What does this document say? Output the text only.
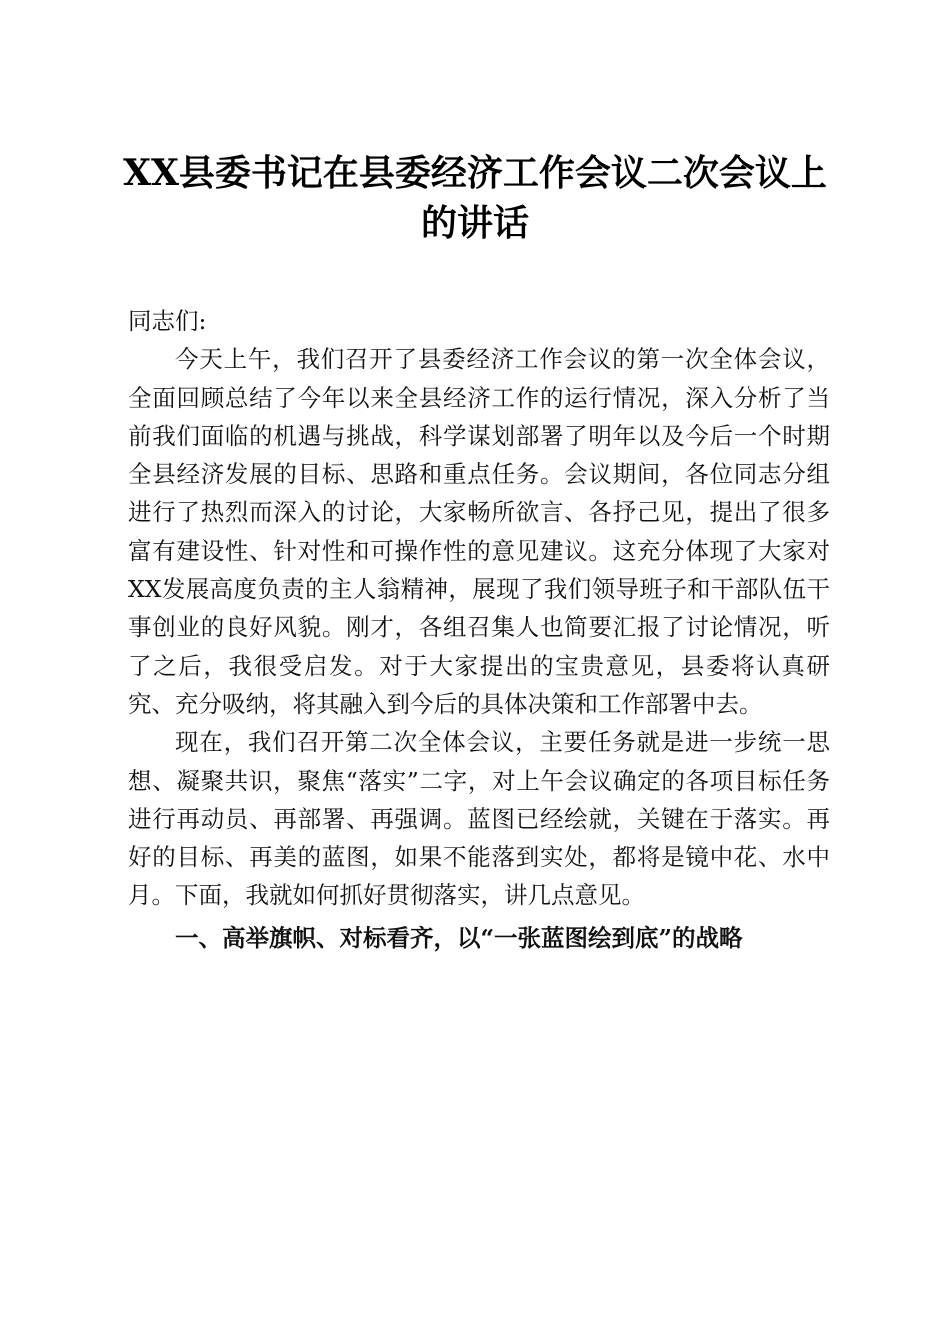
XX县委书记在县委经济工作会议二次会议上的讲话

同志们:

今天上午，我们召开了县委经济工作会议的第一次全体会议，全面回顾总结了今年以来全县经济工作的运行情况，深入分析了当前我们面临的机遇与挑战，科学谋划部署了明年以及今后一个时期全县经济发展的目标、思路和重点任务。会议期间，各位同志分组进行了热烈而深入的讨论，大家畅所欲言、各抒己见，提出了很多富有建设性、针对性和可操作性的意见建议。这充分体现了大家对XX发展高度负责的主人翁精神，展现了我们领导班子和干部队伍干事创业的良好风貌。刚才，各组召集人也简要汇报了讨论情况，听了之后，我很受启发。对于大家提出的宝贵意见，县委将认真研究、充分吸纳，将其融入到今后的具体决策和工作部署中去。

现在，我们召开第二次全体会议，主要任务就是进一步统一思想、凝聚共识，聚焦“落实”二字，对上午会议确定的各项目标任务进行再动员、再部署、再强调。蓝图已经绘就，关键在于落实。再好的目标、再美的蓝图，如果不能落到实处，都将是镜中花、水中月。下面，我就如何抓好贯彻落实，讲几点意见。

一、高举旗帜、对标看齐，以“一张蓝图绘到底”的战略
